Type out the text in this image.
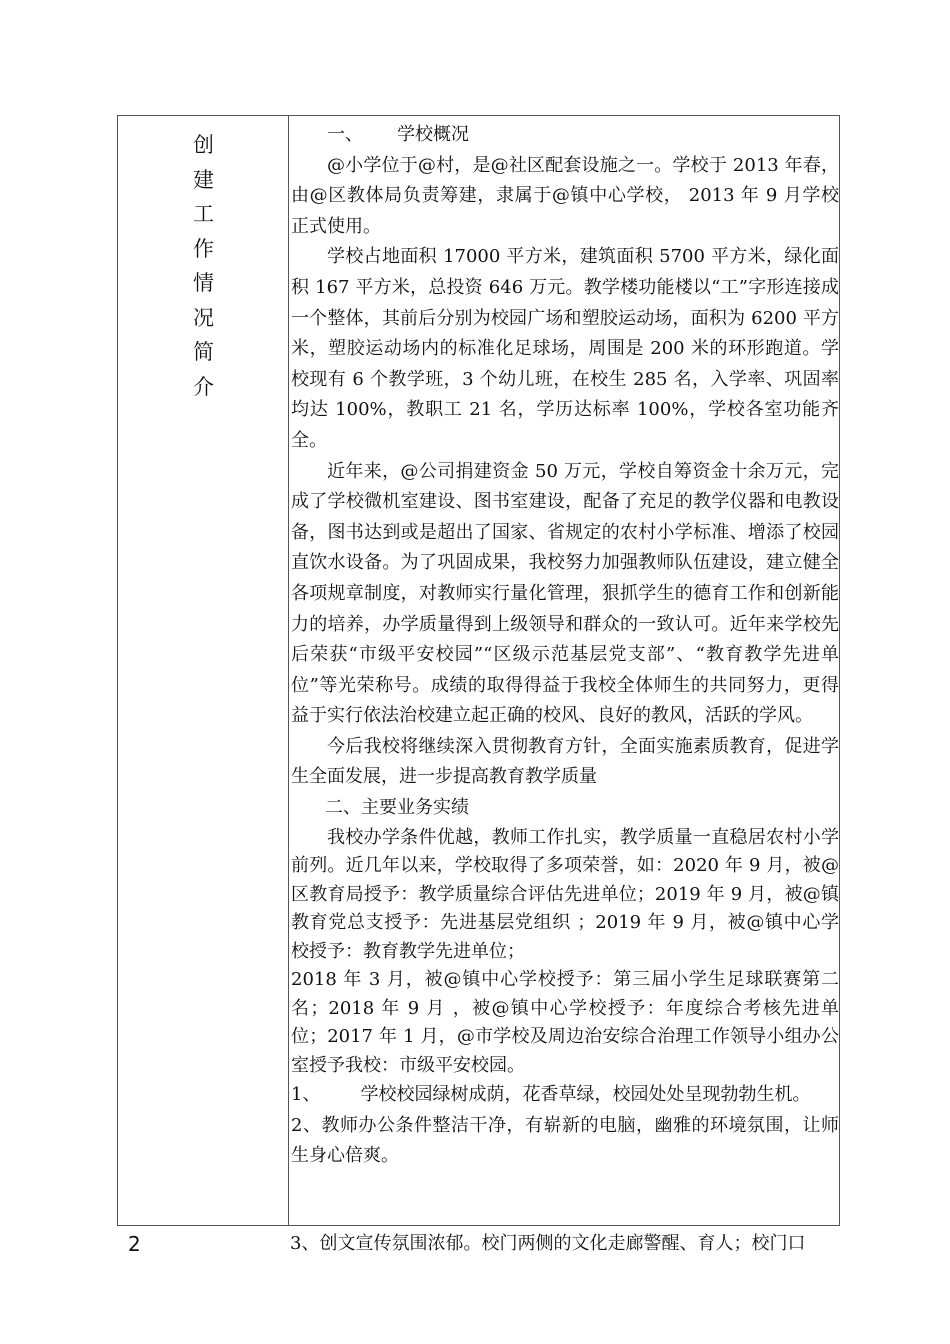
创
建
工
作
情
况
简
介

一、 学校概况

@小学位于@村，是@社区配套设施之一。学校于 2013 年春，由@区教体局负责筹建，隶属于@镇中心学校， 2013 年 9 月学校正式使用。

学校占地面积 17000 平方米，建筑面积 5700 平方米，绿化面积 167 平方米，总投资 646 万元。教学楼功能楼以“工”字形连接成一个整体，其前后分别为校园广场和塑胶运动场，面积为 6200 平方米，塑胶运动场内的标准化足球场，周围是 200 米的环形跑道。学校现有 6 个教学班，3 个幼儿班，在校生 285 名，入学率、巩固率均达 100%，教职工 21 名，学历达标率 100%，学校各室功能齐全。

近年来，@公司捐建资金 50 万元，学校自筹资金十余万元，完成了学校微机室建设、图书室建设，配备了充足的教学仪器和电教设备，图书达到或是超出了国家、省规定的农村小学标准、增添了校园直饮水设备。为了巩固成果，我校努力加强教师队伍建设，建立健全各项规章制度，对教师实行量化管理，狠抓学生的德育工作和创新能力的培养，办学质量得到上级领导和群众的一致认可。近年来学校先后荣获“市级平安校园”“区级示范基层党支部”、“教育教学先进单位”等光荣称号。成绩的取得得益于我校全体师生的共同努力，更得益于实行依法治校建立起正确的校风、良好的教风，活跃的学风。

今后我校将继续深入贯彻教育方针，全面实施素质教育，促进学生全面发展，进一步提高教育教学质量

二、主要业务实绩

我校办学条件优越，教师工作扎实，教学质量一直稳居农村小学前列。近几年以来，学校取得了多项荣誉，如：2020 年 9 月，被@区教育局授予：教学质量综合评估先进单位；2019 年 9 月，被@镇教育党总支授予：先进基层党组织 ；2019 年 9 月，被@镇中心学校授予：教育教学先进单位；

2018 年 3 月，被@镇中心学校授予：第三届小学生足球联赛第二名；2018 年 9 月 ，被@镇中心学校授予：年度综合考核先进单位；2017 年 1 月，@市学校及周边治安综合治理工作领导小组办公室授予我校：市级平安校园。

1、 学校校园绿树成荫，花香草绿，校园处处呈现勃勃生机。

2、教师办公条件整洁干净，有崭新的电脑，幽雅的环境氛围，让师生身心倍爽。

2	3、创文宣传氛围浓郁。校门两侧的文化走廊警醒、育人；校门口
